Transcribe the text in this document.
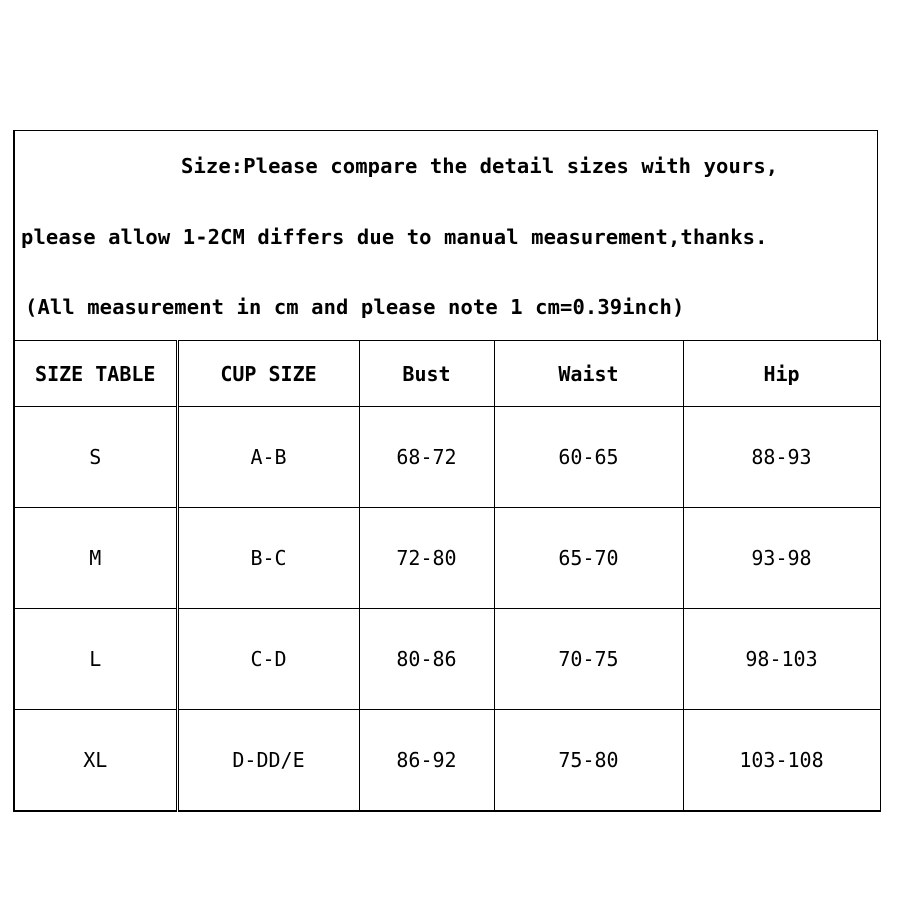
Size:Please compare the detail sizes with yours,
please allow 1-2CM differs due to manual measurement,thanks.
(All measurement in cm and please note 1 cm=0.39inch)
SIZE TABLE	CUP SIZE	Bust	Waist	Hip
S	A-B	68-72	60-65	88-93
M	B-C	72-80	65-70	93-98
L	C-D	80-86	70-75	98-103
XL	D-DD/E	86-92	75-80	103-108
